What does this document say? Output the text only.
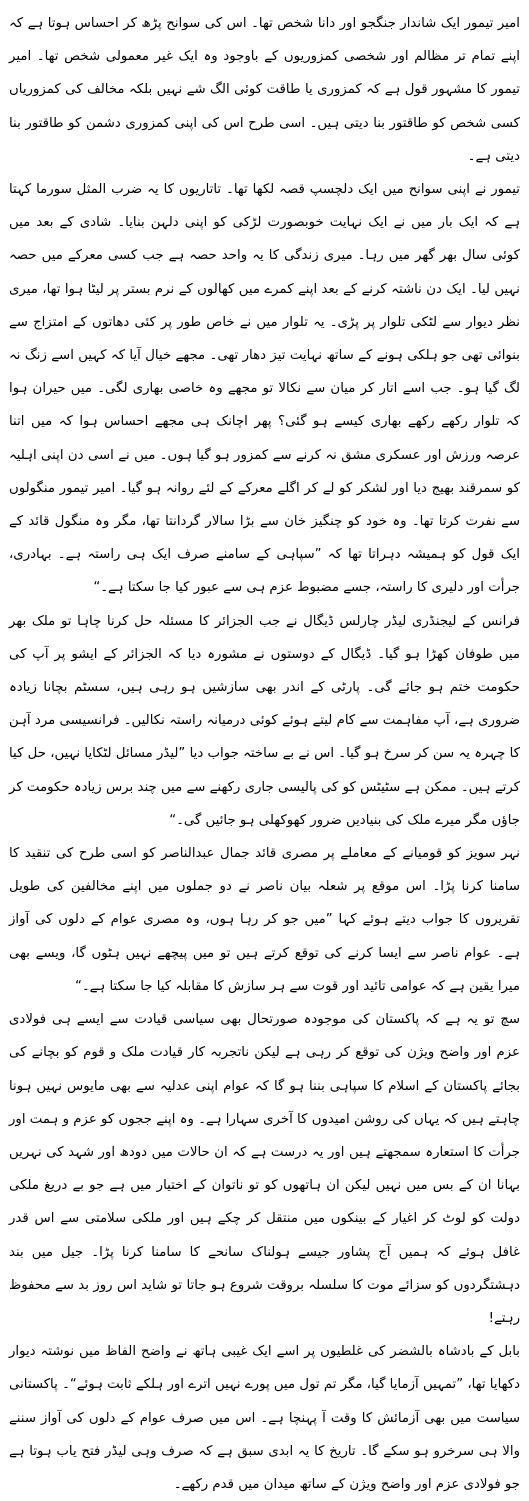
امیر تیمور ایک شاندار جنگجو اور دانا شخص تھا۔ اس کی سوانح پڑھ کر احساس ہوتا ہے کہ اپنے تمام تر مظالم اور شخصی کمزوریوں کے باوجود وہ ایک غیر معمولی شخص تھا۔ امیر تیمور کا مشہور قول ہے کہ کمزوری یا طاقت کوئی الگ شے نہیں بلکہ مخالف کی کمزوریاں کسی شخص کو طاقتور بنا دیتی ہیں۔ اسی طرح اس کی اپنی کمزوری دشمن کو طاقتور بنا دیتی ہے۔

تیمور نے اپنی سوانح میں ایک دلچسپ قصہ لکھا تھا۔ تاتاریوں کا یہ ضرب المثل سورما کہتا ہے کہ ایک بار میں نے ایک نہایت خوبصورت لڑکی کو اپنی دلہن بنایا۔ شادی کے بعد میں کوئی سال بھر گھر میں رہا۔ میری زندگی کا یہ واحد حصہ ہے جب کسی معرکے میں حصہ نہیں لیا۔ ایک دن ناشتہ کرنے کے بعد اپنے کمرے میں کھالوں کے نرم بستر پر لیٹا ہوا تھا، میری نظر دیوار سے لٹکی تلوار پر پڑی۔ یہ تلوار میں نے خاص طور پر کئی دھاتوں کے امتزاج سے بنوائی تھی جو ہلکی ہونے کے ساتھ نہایت تیز دھار تھی۔ مجھے خیال آیا کہ کہیں اسے زنگ نہ لگ گیا ہو۔ جب اسے اتار کر میان سے نکالا تو مجھے وہ خاصی بھاری لگی۔ میں حیران ہوا کہ تلوار رکھے رکھے بھاری کیسے ہو گئی؟ پھر اچانک ہی مجھے احساس ہوا کہ میں اتنا عرصہ ورزش اور عسکری مشق نہ کرنے سے کمزور ہو گیا ہوں۔ میں نے اسی دن اپنی اہلیہ کو سمرقند بھیج دیا اور لشکر کو لے کر اگلے معرکے کے لئے روانہ ہو گیا۔ امیر تیمور منگولوں سے نفرت کرتا تھا۔ وہ خود کو چنگیز خان سے بڑا سالار گردانتا تھا، مگر وہ منگول قائد کے ایک قول کو ہمیشہ دہراتا تھا کہ ”سپاہی کے سامنے صرف ایک ہی راستہ ہے۔ بہادری، جرأت اور دلیری کا راستہ، جسے مضبوط عزم ہی سے عبور کیا جا سکتا ہے۔“

فرانس کے لیجنڈری لیڈر چارلس ڈیگال نے جب الجزائر کا مسئلہ حل کرنا چاہا تو ملک بھر میں طوفان کھڑا ہو گیا۔ ڈیگال کے دوستوں نے مشورہ دیا کہ الجزائر کے ایشو پر آپ کی حکومت ختم ہو جائے گی۔ پارٹی کے اندر بھی سازشیں ہو رہی ہیں، سسٹم بچانا زیادہ ضروری ہے، آپ مفاہمت سے کام لیتے ہوئے کوئی درمیانہ راستہ نکالیں۔ فرانسیسی مرد آہن کا چہرہ یہ سن کر سرخ ہو گیا۔ اس نے بے ساختہ جواب دیا ”لیڈر مسائل لٹکایا نہیں، حل کیا کرتے ہیں۔ ممکن ہے سٹیٹس کو کی پالیسی جاری رکھنے سے میں چند برس زیادہ حکومت کر جاؤں مگر میرے ملک کی بنیادیں ضرور کھوکھلی ہو جائیں گی۔“

نہر سویز کو قومیانے کے معاملے پر مصری قائد جمال عبدالناصر کو اسی طرح کی تنقید کا سامنا کرنا پڑا۔ اس موقع پر شعلہ بیان ناصر نے دو جملوں میں اپنے مخالفین کی طویل تقریروں کا جواب دیتے ہوئے کہا ”میں جو کر رہا ہوں، وہ مصری عوام کے دلوں کی آواز ہے۔ عوام ناصر سے ایسا کرنے کی توقع کرتے ہیں تو میں پیچھے نہیں ہٹوں گا، ویسے بھی میرا یقین ہے کہ عوامی تائید اور قوت سے ہر سازش کا مقابلہ کیا جا سکتا ہے۔“

سچ تو یہ ہے کہ پاکستان کی موجودہ صورتحال بھی سیاسی قیادت سے ایسے ہی فولادی عزم اور واضح ویژن کی توقع کر رہی ہے لیکن ناتجربہ کار قیادت ملک و قوم کو بچانے کی بجائے پاکستان کے اسلام کا سپاہی بننا ہو گا کہ عوام اپنی عدلیہ سے بھی مایوس نہیں ہونا چاہتے ہیں کہ یہاں کی روشن امیدوں کا آخری سہارا ہے۔ وہ اپنے ججوں کو عزم و ہمت اور جرأت کا استعارہ سمجھتے ہیں اور یہ درست ہے کہ ان حالات میں دودھ اور شہد کی نہریں بہانا ان کے بس میں نہیں لیکن ان ہاتھوں کو تو ناتوان کے اختیار میں ہے جو بے دریغ ملکی دولت کو لوٹ کر اغیار کے بینکوں میں منتقل کر چکے ہیں اور ملکی سلامتی سے اس قدر غافل ہوئے کہ ہمیں آج پشاور جیسے ہولناک سانحے کا سامنا کرنا پڑا۔ جیل میں بند دہشتگردوں کو سزائے موت کا سلسلہ بروقت شروع ہو جاتا تو شاید اس روز بد سے محفوظ رہتے!

بابل کے بادشاہ بالشضر کی غلطیوں پر اسے ایک غیبی ہاتھ نے واضح الفاظ میں نوشتہ دیوار دکھایا تھا، ”تمہیں آزمایا گیا، مگر تم تول میں پورے نہیں اترے اور ہلکے ثابت ہوئے“۔ پاکستانی سیاست میں بھی آزمائش کا وقت آ پہنچا ہے۔ اس میں صرف عوام کے دلوں کی آواز سننے والا ہی سرخرو ہو سکے گا۔ تاریخ کا یہ ابدی سبق ہے کہ صرف وہی لیڈر فتح یاب ہوتا ہے جو فولادی عزم اور واضح ویژن کے ساتھ میدان میں قدم رکھے۔
